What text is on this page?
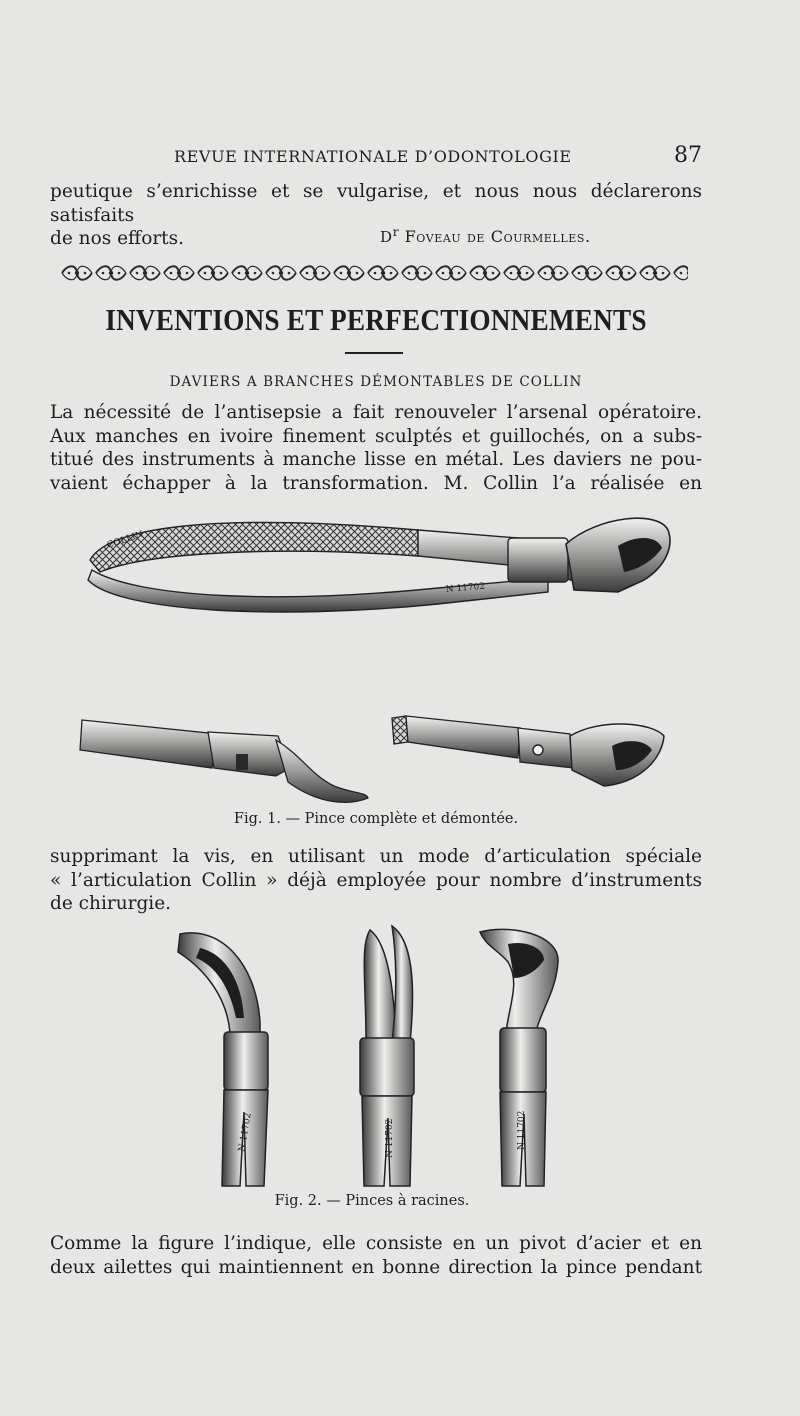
REVUE INTERNATIONALE D’ODONTOLOGIE	87
peutique s’enrichisse et se vulgarise, et nous nous déclarerons satisfaits
de nos efforts.	$D^r$ Foveau de Courmelles.
INVENTIONS ET PERFECTIONNEMENTS
DAVIERS A BRANCHES DÉMONTABLES DE COLLIN
La nécessité de l’antisepsie a fait renouveler l’arsenal opératoire.
Aux manches en ivoire finement sculptés et guillochés, on a subs-
titué des instruments à manche lisse en métal. Les daviers ne pou-
vaient échapper à la transformation. M. Collin l’a réalisée en
COLLIN
N 11702
Fig. 1. — Pince complète et démontée.
supprimant la vis, en utilisant un mode d’articulation spéciale
« l’articulation Collin » déjà employée pour nombre d’instruments
de chirurgie.
N 11702	N 11702	N 11702
Fig. 2. — Pinces à racines.
Comme la figure l’indique, elle consiste en un pivot d’acier et en
deux ailettes qui maintiennent en bonne direction la pince pendant
